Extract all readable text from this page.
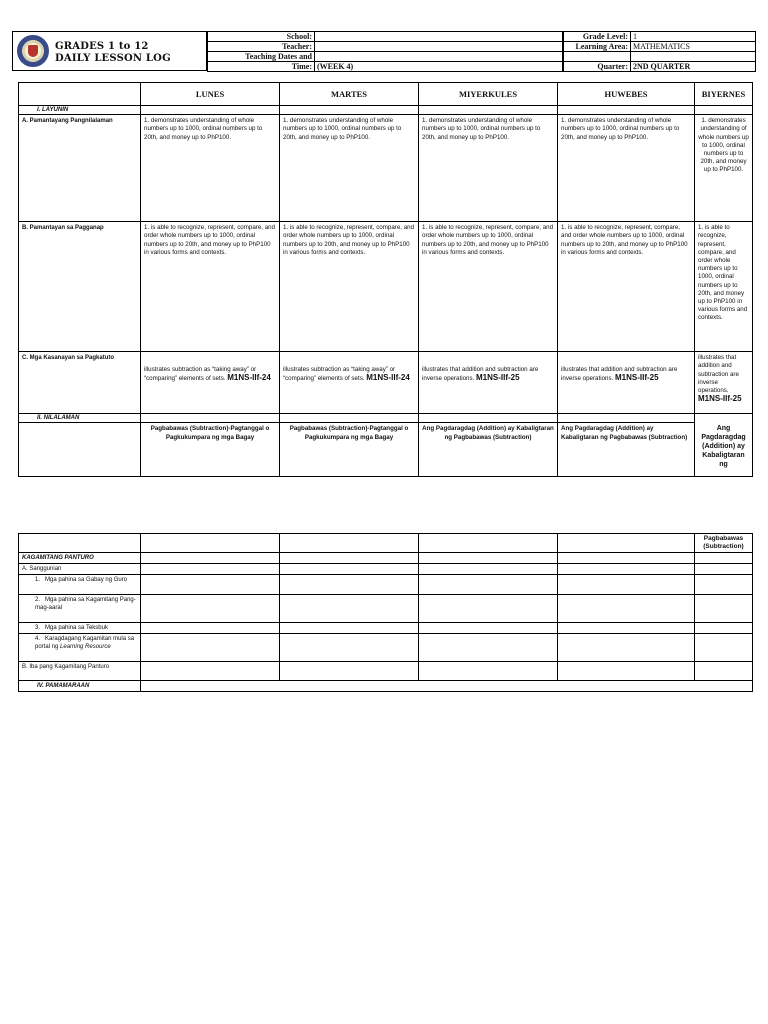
GRADES 1 to 12
DAILY LESSON LOG
School:	
Teacher:	
Teaching Dates and	
Time:	(WEEK 4)
Grade Level:	1
Learning Area:	MATHEMATICS

Quarter:	2ND QUARTER
	LUNES	MARTES	MIYERKULES	HUWEBES	BIYERNES
I. LAYUNIN					
A. Pamantayang Pangnilalaman	1. demonstrates understanding of whole numbers up to 1000, ordinal numbers up to 20th, and money up to PhP100.	1. demonstrates understanding of whole numbers up to 1000, ordinal numbers up to 20th, and money up to PhP100.	1. demonstrates understanding of whole numbers up to 1000, ordinal numbers up to 20th, and money up to PhP100.	1. demonstrates understanding of whole numbers up to 1000, ordinal numbers up to 20th, and money up to PhP100.	1. demonstrates understanding of whole numbers up to 1000, ordinal numbers up to 20th, and money up to PhP100.
B. Pamantayan sa Pagganap	1. is able to recognize, represent, compare, and order whole numbers up to 1000, ordinal numbers up to 20th, and money up to PhP100 in various forms and contexts.	1. is able to recognize, represent, compare, and order whole numbers up to 1000, ordinal numbers up to 20th, and money up to PhP100 in various forms and contexts.	1. is able to recognize, represent, compare, and order whole numbers up to 1000, ordinal numbers up to 20th, and money up to PhP100 in various forms and contexts.	1. is able to recognize, represent, compare, and order whole numbers up to 1000, ordinal numbers up to 20th, and money up to PhP100 in various forms and contexts.	1. is able to recognize, represent, compare, and order whole numbers up to 1000, ordinal numbers up to 20th, and money up to PhP100 in various forms and contexts.
C. Mga Kasanayan sa Pagkatuto	illustrates subtraction as “taking away” or “comparing” elements of sets. M1NS-IIf-24	illustrates subtraction as “taking away” or “comparing” elements of sets. M1NS-IIf-24	illustrates that addition and subtraction are inverse operations. M1NS-IIf-25	illustrates that addition and subtraction are inverse operations. M1NS-IIf-25	illustrates that addition and subtraction are inverse operations. M1NS-IIf-25
II. NILALAMAN					Ang Pagdaragdag (Addition) ay Kabaligtaran ng
	Pagbabawas (Subtraction)-Pagtanggal o Pagkukumpara ng mga Bagay	Pagbabawas (Subtraction)-Pagtanggal o Pagkukumpara ng mga Bagay	Ang Pagdaragdag (Addition) ay Kabaligtaran ng Pagbabawas (Subtraction)	Ang Pagdaragdag (Addition) ay Kabaligtaran ng Pagbabawas (Subtraction)	
					Pagbabawas (Subtraction)
KAGAMITANG PANTURO					
A. Sanggunian					
1. Mga pahina sa Gabay ng Guro					
2. Mga pahina sa Kagamitang Pang-mag-aaral					
3. Mga pahina sa Teksbuk					
4. Karagdagang Kagamitan mula sa portal ng Learning Resource					
B. Iba pang Kagamitang Panturo					
IV. PAMAMARAAN					
